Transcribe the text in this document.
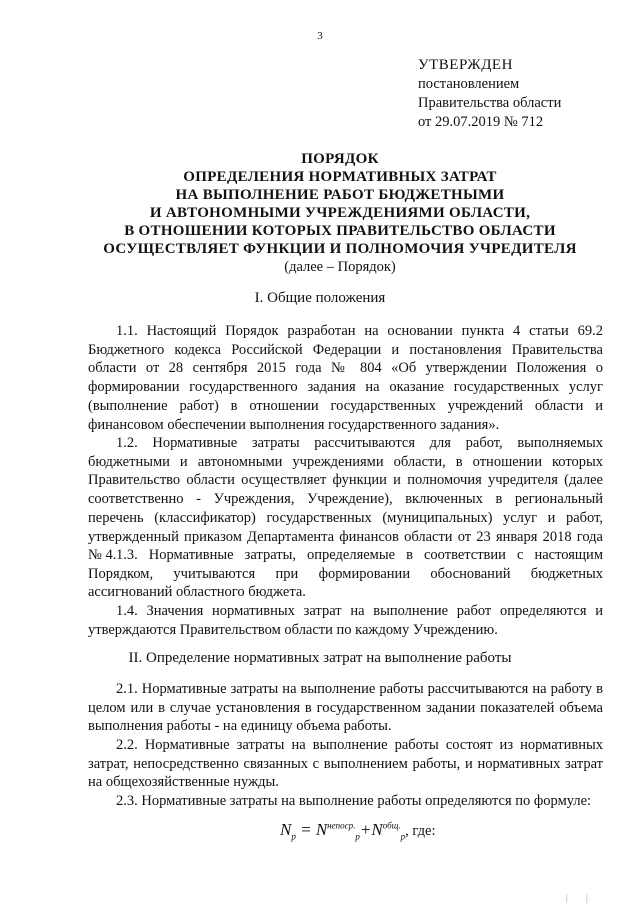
3
УТВЕРЖДЕН
постановлением
Правительства области
от 29.07.2019 № 712
ПОРЯДОК
ОПРЕДЕЛЕНИЯ НОРМАТИВНЫХ ЗАТРАТ
НА ВЫПОЛНЕНИЕ РАБОТ БЮДЖЕТНЫМИ
И АВТОНОМНЫМИ УЧРЕЖДЕНИЯМИ ОБЛАСТИ,
В ОТНОШЕНИИ КОТОРЫХ ПРАВИТЕЛЬСТВО ОБЛАСТИ
ОСУЩЕСТВЛЯЕТ ФУНКЦИИ И ПОЛНОМОЧИЯ УЧРЕДИТЕЛЯ
(далее – Порядок)
I. Общие положения
1.1. Настоящий Порядок разработан на основании пункта 4 статьи 69.2 Бюджетного кодекса Российской Федерации и постановления Правительства области от 28 сентября 2015 года № 804 «Об утверждении Положения о формировании государственного задания на оказание государственных услуг (выполнение работ) в отношении государственных учреждений области и финансовом обеспечении выполнения государственного задания».
1.2. Нормативные затраты рассчитываются для работ, выполняемых бюджетными и автономными учреждениями области, в отношении которых Правительство области осуществляет функции и полномочия учредителя (далее соответственно - Учреждения, Учреждение), включенных в региональный перечень (классификатор) государственных (муниципальных) услуг и работ, утвержденный приказом Департамента финансов области от 23 января 2018 года № 4. 1.3. Нормативные затраты, определяемые в соответствии с настоящим Порядком, учитываются при формировании обоснований бюджетных ассигнований областного бюджета.
1.4. Значения нормативных затрат на выполнение работ определяются и утверждаются Правительством области по каждому Учреждению.
II. Определение нормативных затрат на выполнение работы
2.1. Нормативные затраты на выполнение работы рассчитываются на работу в целом или в случае установления в государственном задании показателей объема выполнения работы - на единицу объема работы.
2.2. Нормативные затраты на выполнение работы состоят из нормативных затрат, непосредственно связанных с выполнением работы, и нормативных затрат на общехозяйственные нужды.
2.3. Нормативные затраты на выполнение работы определяются по формуле:
$N_p = N^{непоср.}_p+N^{общ.}_p$, где:
| |
